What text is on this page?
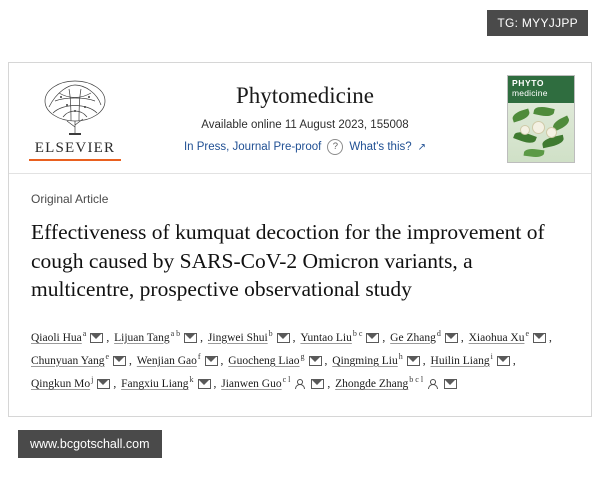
TG: MYYJJPP
ELSEVIER
Phytomedicine
Available online 11 August 2023, 155008
In Press, Journal Pre-proof	? What's this? ↗
PHYTO
medicine
Original Article
Effectiveness of kumquat decoction for the improvement of cough caused by SARS-CoV-2 Omicron variants, a multicentre, prospective observational study
Qiaoli Hua$^a$ , Lijuan Tang$^{a b}$ , Jingwei Shui$^b$ , Yuntao Liu$^{b c}$ , Ge Zhang$^d$ , Xiaohua Xu$^e$ , Chunyuan Yang$^e$ , Wenjian Gao$^f$ , Guocheng Liao$^g$ , Qingming Liu$^h$ , Huilin Liang$^i$ , Qingkun Mo$^j$ , Fangxiu Liang$^k$ , Jianwen Guo$^{c l}$	, Zhongde Zhang$^{b c l}$
www.bcgotschall.com
